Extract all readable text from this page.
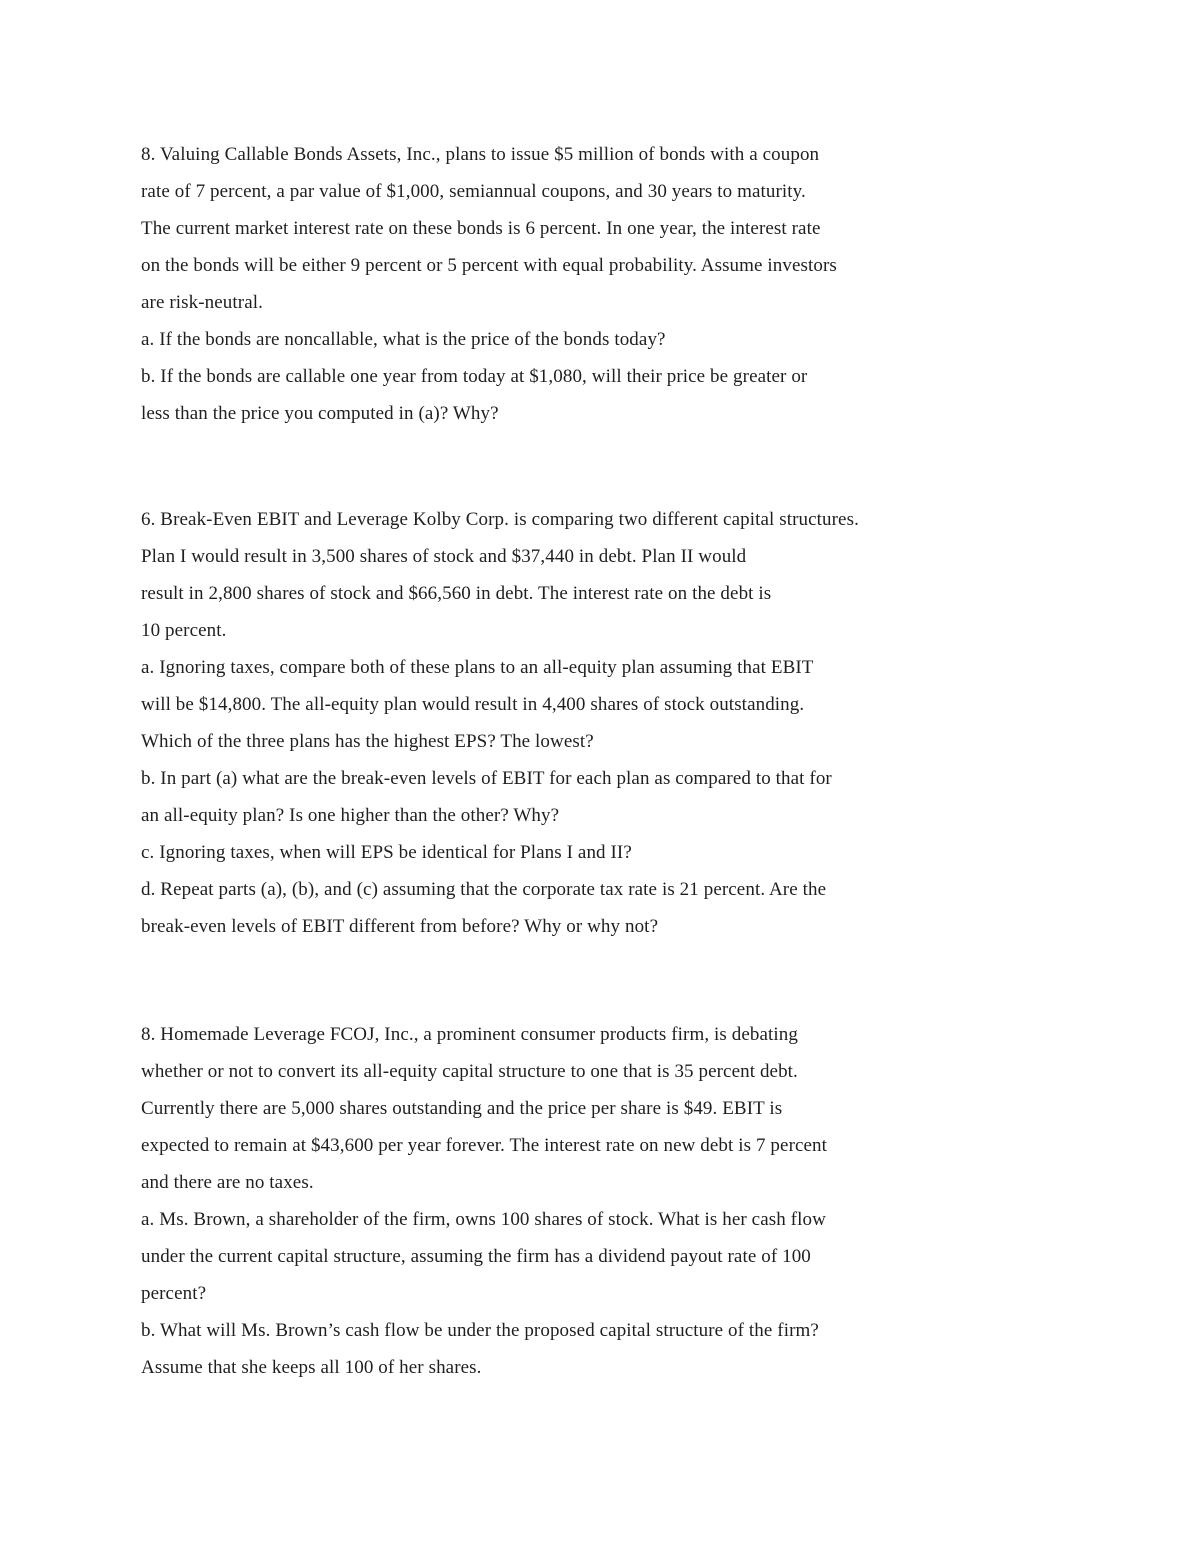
8. Valuing Callable Bonds Assets, Inc., plans to issue $5 million of bonds with a coupon
rate of 7 percent, a par value of $1,000, semiannual coupons, and 30 years to maturity.
The current market interest rate on these bonds is 6 percent. In one year, the interest rate
on the bonds will be either 9 percent or 5 percent with equal probability. Assume investors
are risk-neutral.
a. If the bonds are noncallable, what is the price of the bonds today?
b. If the bonds are callable one year from today at $1,080, will their price be greater or
less than the price you computed in (a)? Why?
6. Break-Even EBIT and Leverage Kolby Corp. is comparing two different capital structures.
Plan I would result in 3,500 shares of stock and $37,440 in debt. Plan II would
result in 2,800 shares of stock and $66,560 in debt. The interest rate on the debt is
10 percent.
a. Ignoring taxes, compare both of these plans to an all-equity plan assuming that EBIT
will be $14,800. The all-equity plan would result in 4,400 shares of stock outstanding.
Which of the three plans has the highest EPS? The lowest?
b. In part (a) what are the break-even levels of EBIT for each plan as compared to that for
an all-equity plan? Is one higher than the other? Why?
c. Ignoring taxes, when will EPS be identical for Plans I and II?
d. Repeat parts (a), (b), and (c) assuming that the corporate tax rate is 21 percent. Are the
break-even levels of EBIT different from before? Why or why not?
8. Homemade Leverage FCOJ, Inc., a prominent consumer products firm, is debating
whether or not to convert its all-equity capital structure to one that is 35 percent debt.
Currently there are 5,000 shares outstanding and the price per share is $49. EBIT is
expected to remain at $43,600 per year forever. The interest rate on new debt is 7 percent
and there are no taxes.
a. Ms. Brown, a shareholder of the firm, owns 100 shares of stock. What is her cash flow
under the current capital structure, assuming the firm has a dividend payout rate of 100
percent?
b. What will Ms. Brown’s cash flow be under the proposed capital structure of the firm?
Assume that she keeps all 100 of her shares.
